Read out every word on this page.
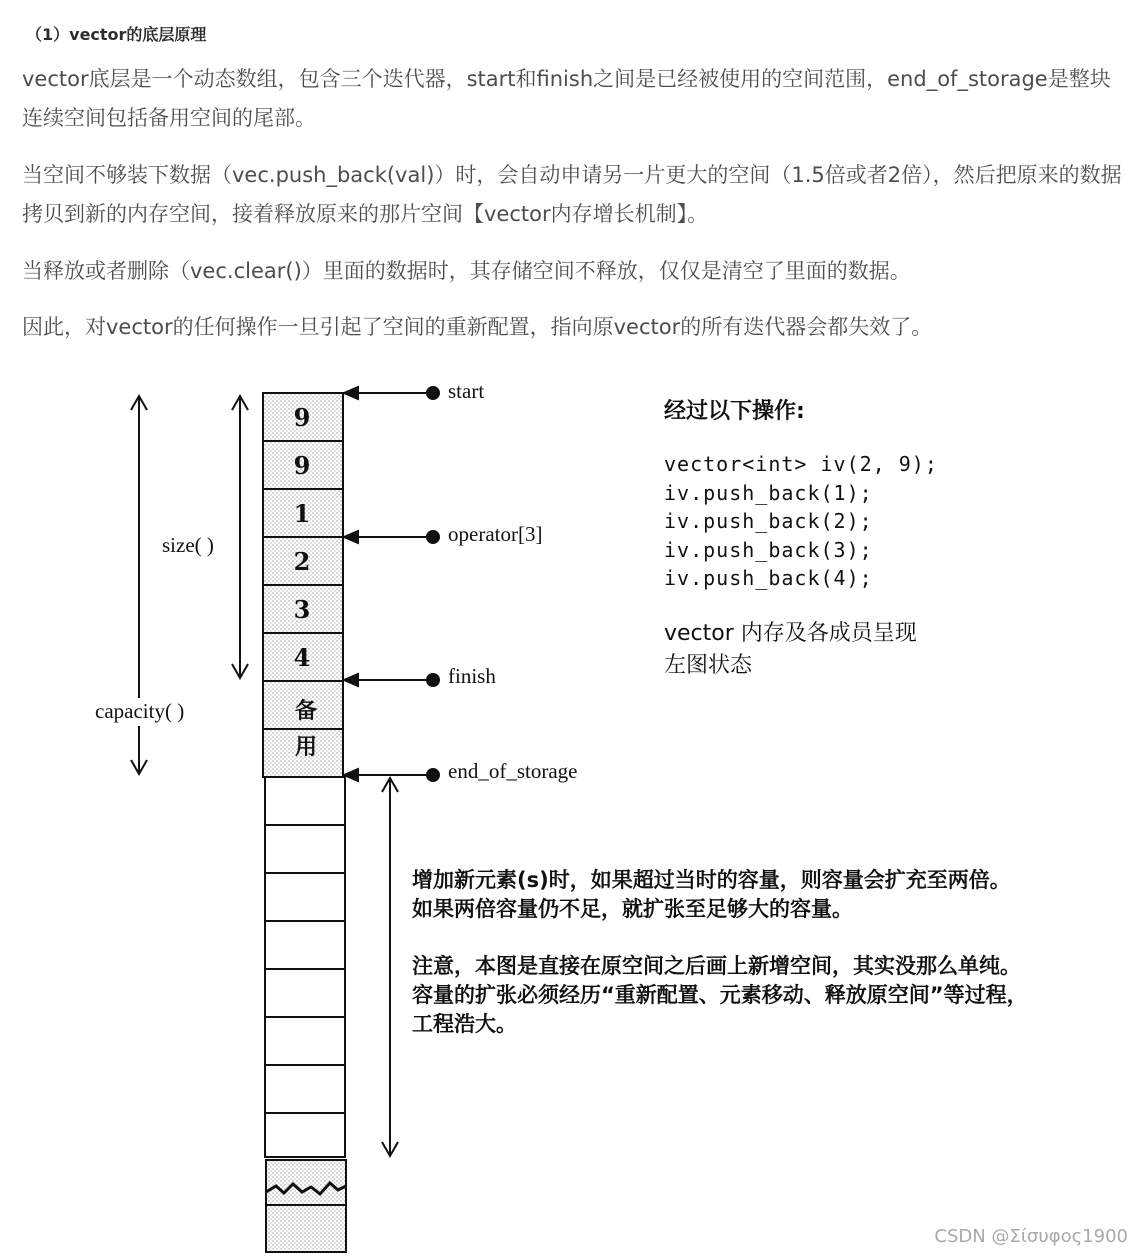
（1）vector的底层原理

vector底层是一个动态数组，包含三个迭代器，start和finish之间是已经被使用的空间范围，end_of_storage是整块连续空间包括备用空间的尾部。

当空间不够装下数据（vec.push_back(val)）时，会自动申请另一片更大的空间（1.5倍或者2倍），然后把原来的数据拷贝到新的内存空间，接着释放原来的那片空间【vector内存增长机制】。

当释放或者删除（vec.clear()）里面的数据时，其存储空间不释放，仅仅是清空了里面的数据。

因此，对vector的任何操作一旦引起了空间的重新配置，指向原vector的所有迭代器会都失效了。

9
9
1
2
3
4
备
用
size( )
capacity( )
start
operator[3]
finish
end_of_storage
经过以下操作:
vector<int> iv(2, 9);
iv.push_back(1);
iv.push_back(2);
iv.push_back(3);
iv.push_back(4);
vector 内存及各成员呈现
左图状态

增加新元素(s)时，如果超过当时的容量，则容量会扩充至两倍。

如果两倍容量仍不足，就扩张至足够大的容量。

注意，本图是直接在原空间之后画上新增空间，其实没那么单纯。

容量的扩张必须经历“重新配置、元素移动、释放原空间”等过程，

工程浩大。

CSDN @Σίσυφος1900
